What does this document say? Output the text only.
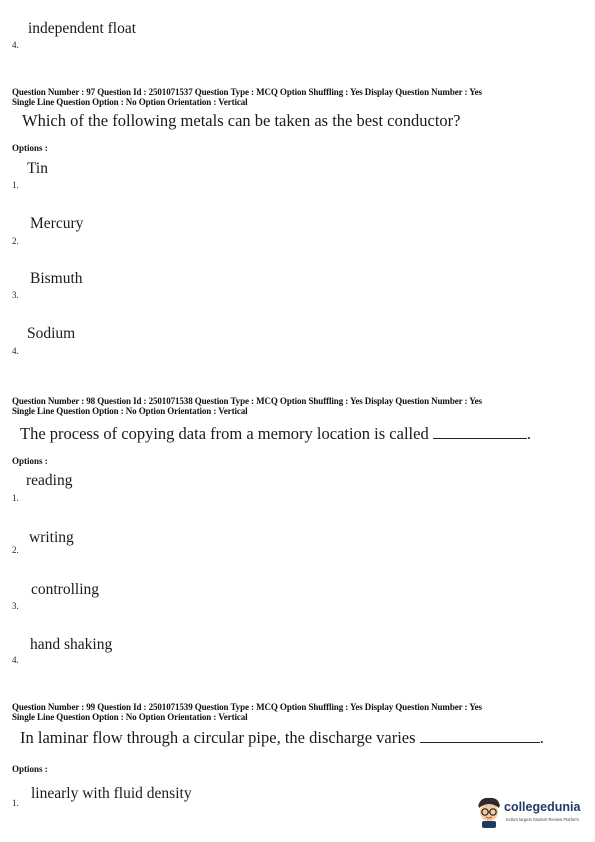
independent float
4.
Question Number : 97 Question Id : 2501071537 Question Type : MCQ Option Shuffling : Yes Display Question Number : Yes
Single Line Question Option : No Option Orientation : Vertical
Which of the following metals can be taken as the best conductor?
Options :
Tin
1.
Mercury
2.
Bismuth
3.
Sodium
4.
Question Number : 98 Question Id : 2501071538 Question Type : MCQ Option Shuffling : Yes Display Question Number : Yes
Single Line Question Option : No Option Orientation : Vertical
The process of copying data from a memory location is called	.
Options :
reading
1.
writing
2.
controlling
3.
hand shaking
4.
Question Number : 99 Question Id : 2501071539 Question Type : MCQ Option Shuffling : Yes Display Question Number : Yes
Single Line Question Option : No Option Orientation : Vertical
In laminar flow through a circular pipe, the discharge varies	.
Options :
linearly with fluid density
1.	collegedunia
India's largest Student Review Platform
